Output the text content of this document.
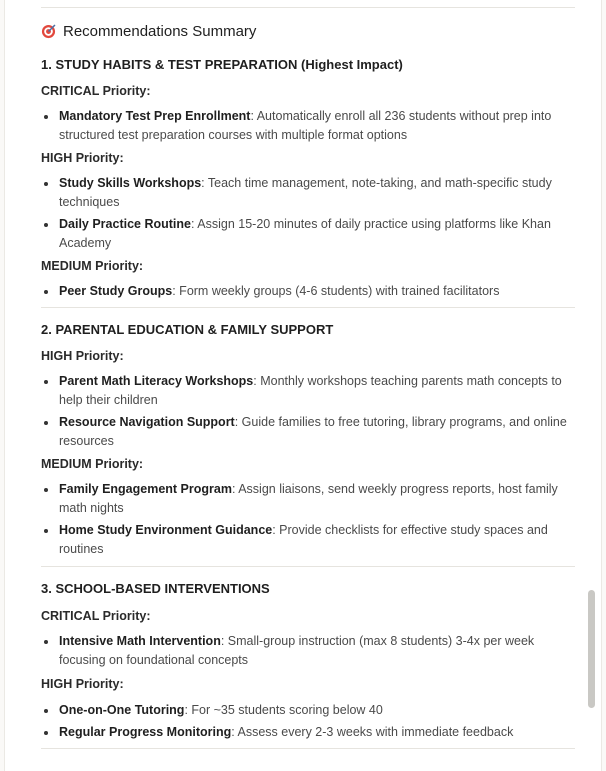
Recommendations Summary

1. STUDY HABITS & TEST PREPARATION (Highest Impact)

CRITICAL Priority:

Mandatory Test Prep Enrollment: Automatically enroll all 236 students without prep into structured test preparation courses with multiple format options

HIGH Priority:

Study Skills Workshops: Teach time management, note-taking, and math-specific study techniques
Daily Practice Routine: Assign 15-20 minutes of daily practice using platforms like Khan Academy

MEDIUM Priority:

Peer Study Groups: Form weekly groups (4-6 students) with trained facilitators

2. PARENTAL EDUCATION & FAMILY SUPPORT

HIGH Priority:

Parent Math Literacy Workshops: Monthly workshops teaching parents math concepts to help their children
Resource Navigation Support: Guide families to free tutoring, library programs, and online resources

MEDIUM Priority:

Family Engagement Program: Assign liaisons, send weekly progress reports, host family math nights
Home Study Environment Guidance: Provide checklists for effective study spaces and routines

3. SCHOOL-BASED INTERVENTIONS

CRITICAL Priority:

Intensive Math Intervention: Small-group instruction (max 8 students) 3-4x per week focusing on foundational concepts

HIGH Priority:

One-on-One Tutoring: For ~35 students scoring below 40
Regular Progress Monitoring: Assess every 2-3 weeks with immediate feedback
